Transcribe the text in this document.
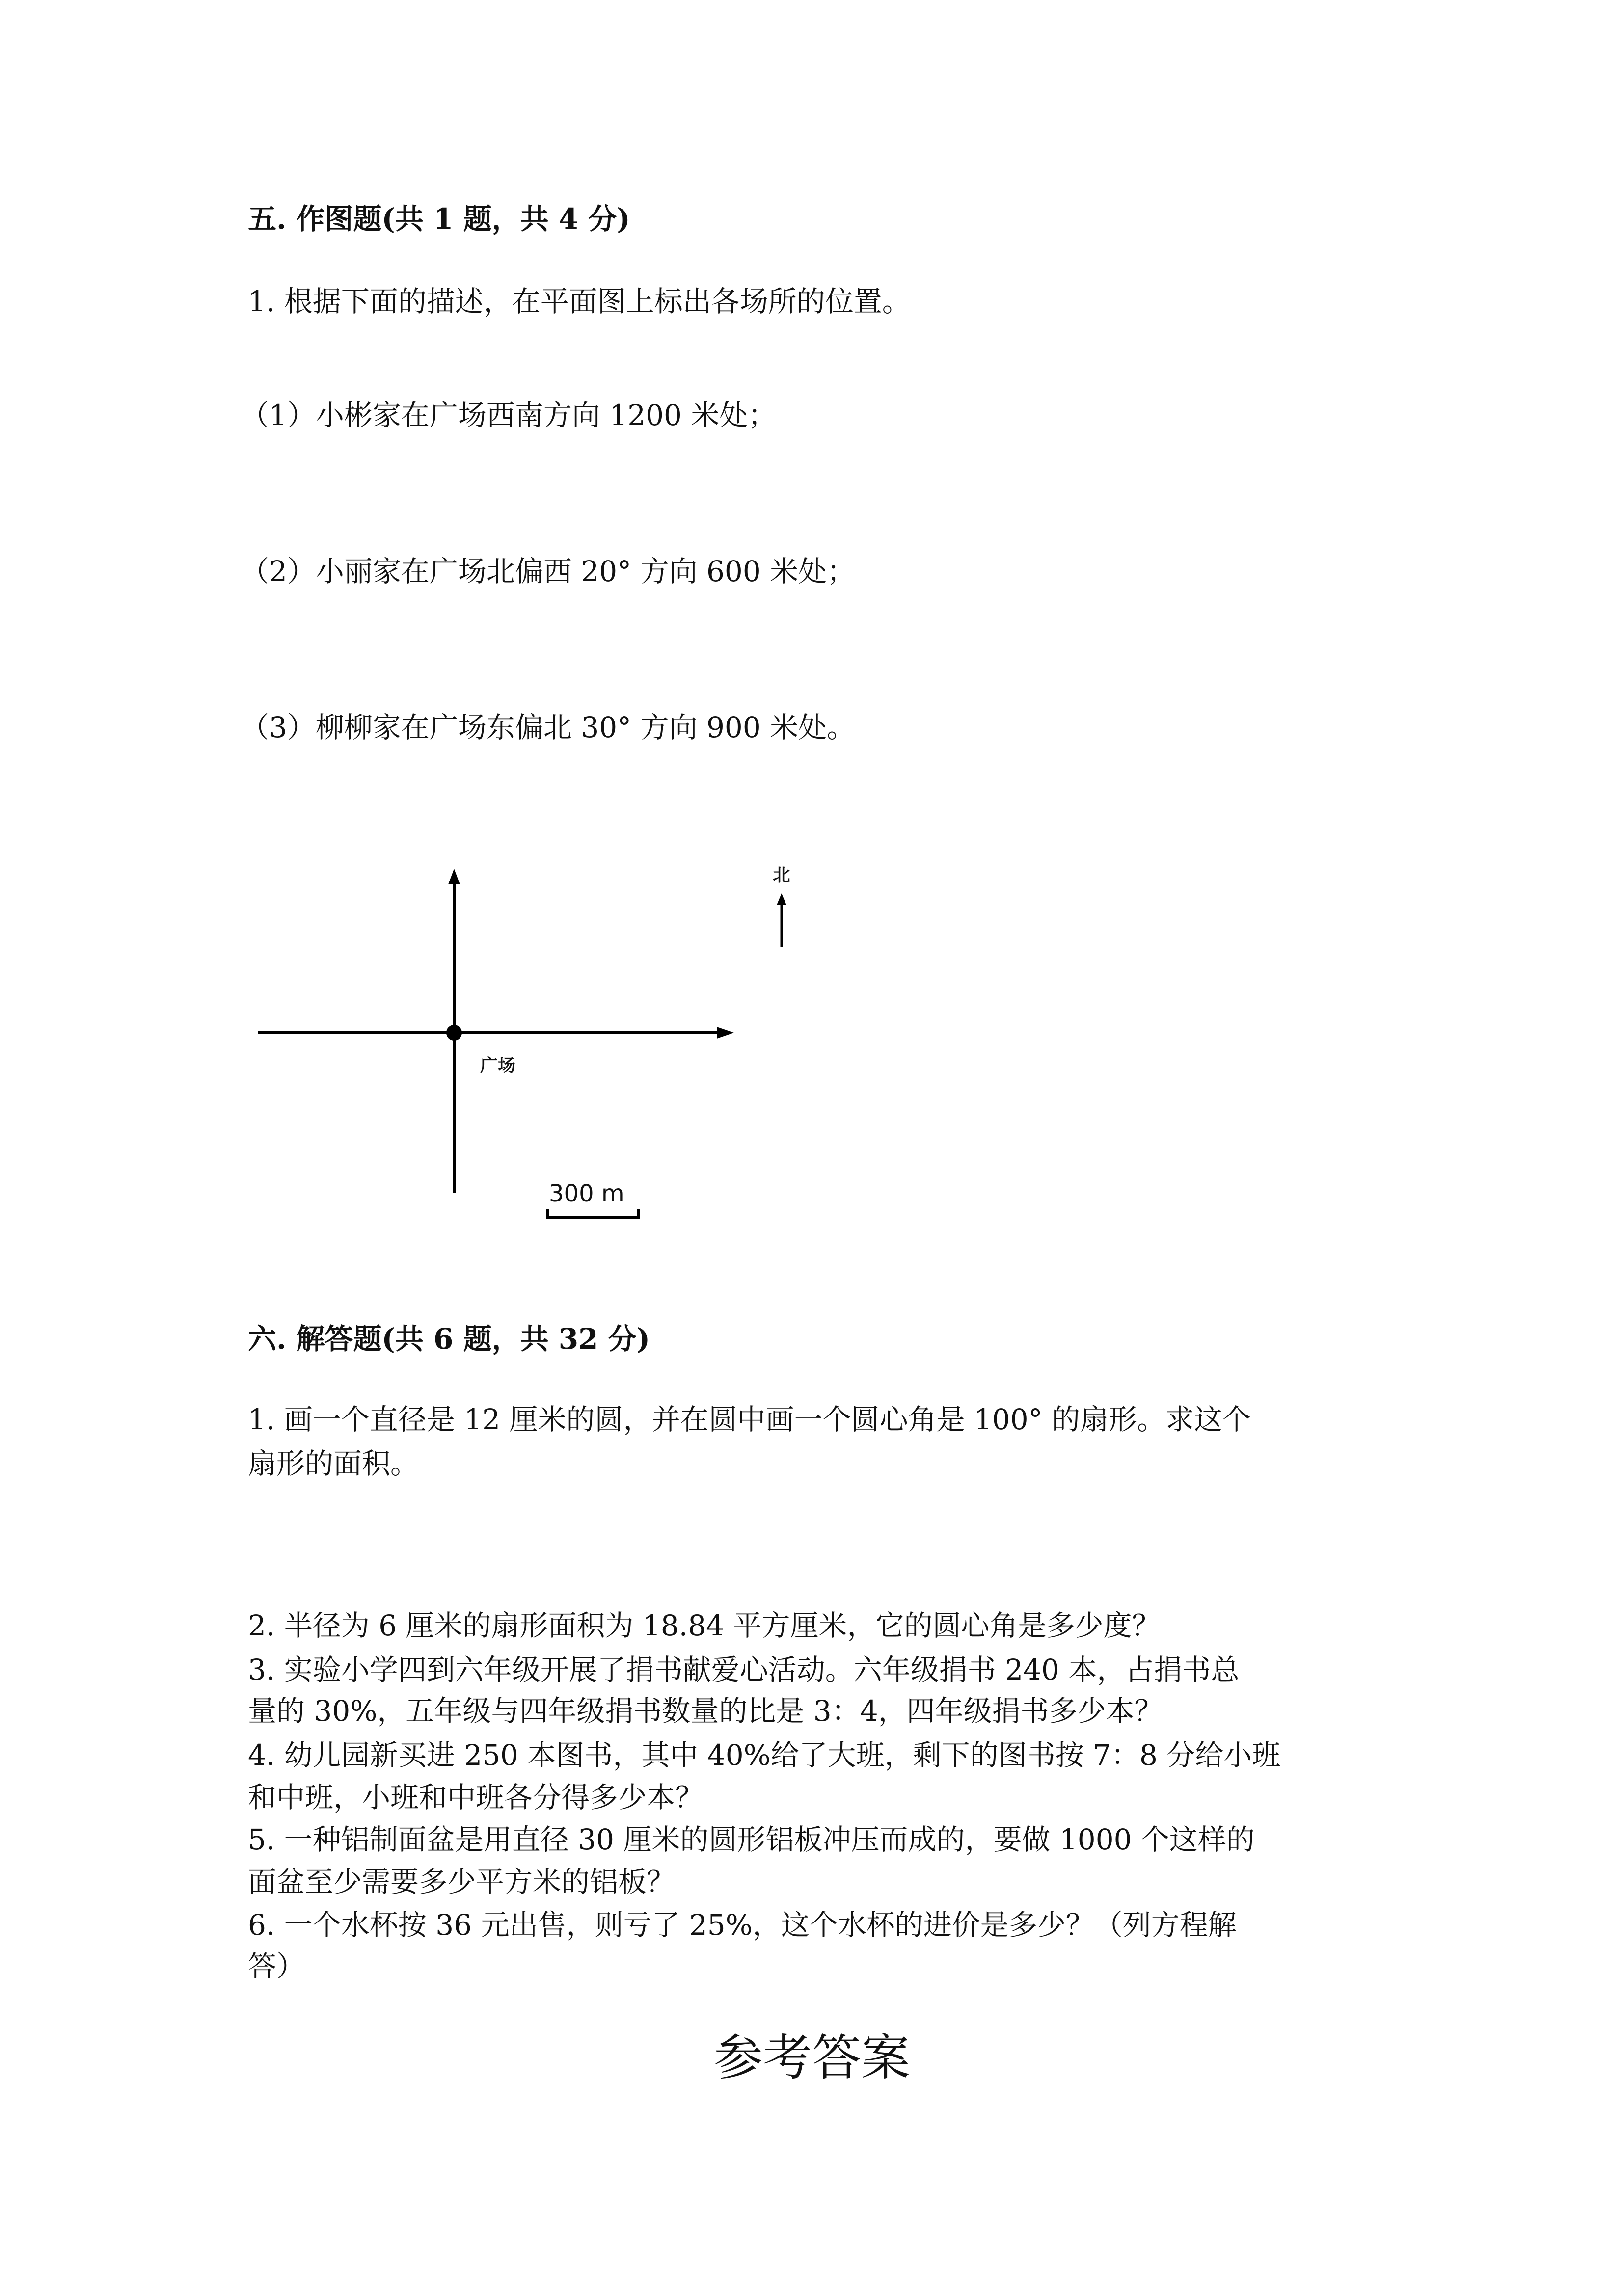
五. 作图题(共 1 题，共 4 分)
1. 根据下面的描述，在平面图上标出各场所的位置。
（1）小彬家在广场西南方向 1200 米处；
（2）小丽家在广场北偏西 20° 方向 600 米处；
（3）柳柳家在广场东偏北 30° 方向 900 米处。
广场
北
300 m
六. 解答题(共 6 题，共 32 分)
1. 画一个直径是 12 厘米的圆，并在圆中画一个圆心角是 100° 的扇形。求这个
扇形的面积。
2. 半径为 6 厘米的扇形面积为 18.84 平方厘米，它的圆心角是多少度？
3. 实验小学四到六年级开展了捐书献爱心活动。六年级捐书 240 本，占捐书总
量的 30%，五年级与四年级捐书数量的比是 3：4，四年级捐书多少本？
4. 幼儿园新买进 250 本图书，其中 40%给了大班，剩下的图书按 7：8 分给小班
和中班，小班和中班各分得多少本？
5. 一种铝制面盆是用直径 30 厘米的圆形铝板冲压而成的，要做 1000 个这样的
面盆至少需要多少平方米的铝板？
6. 一个水杯按 36 元出售，则亏了 25%，这个水杯的进价是多少？（列方程解
答）
参考答案
